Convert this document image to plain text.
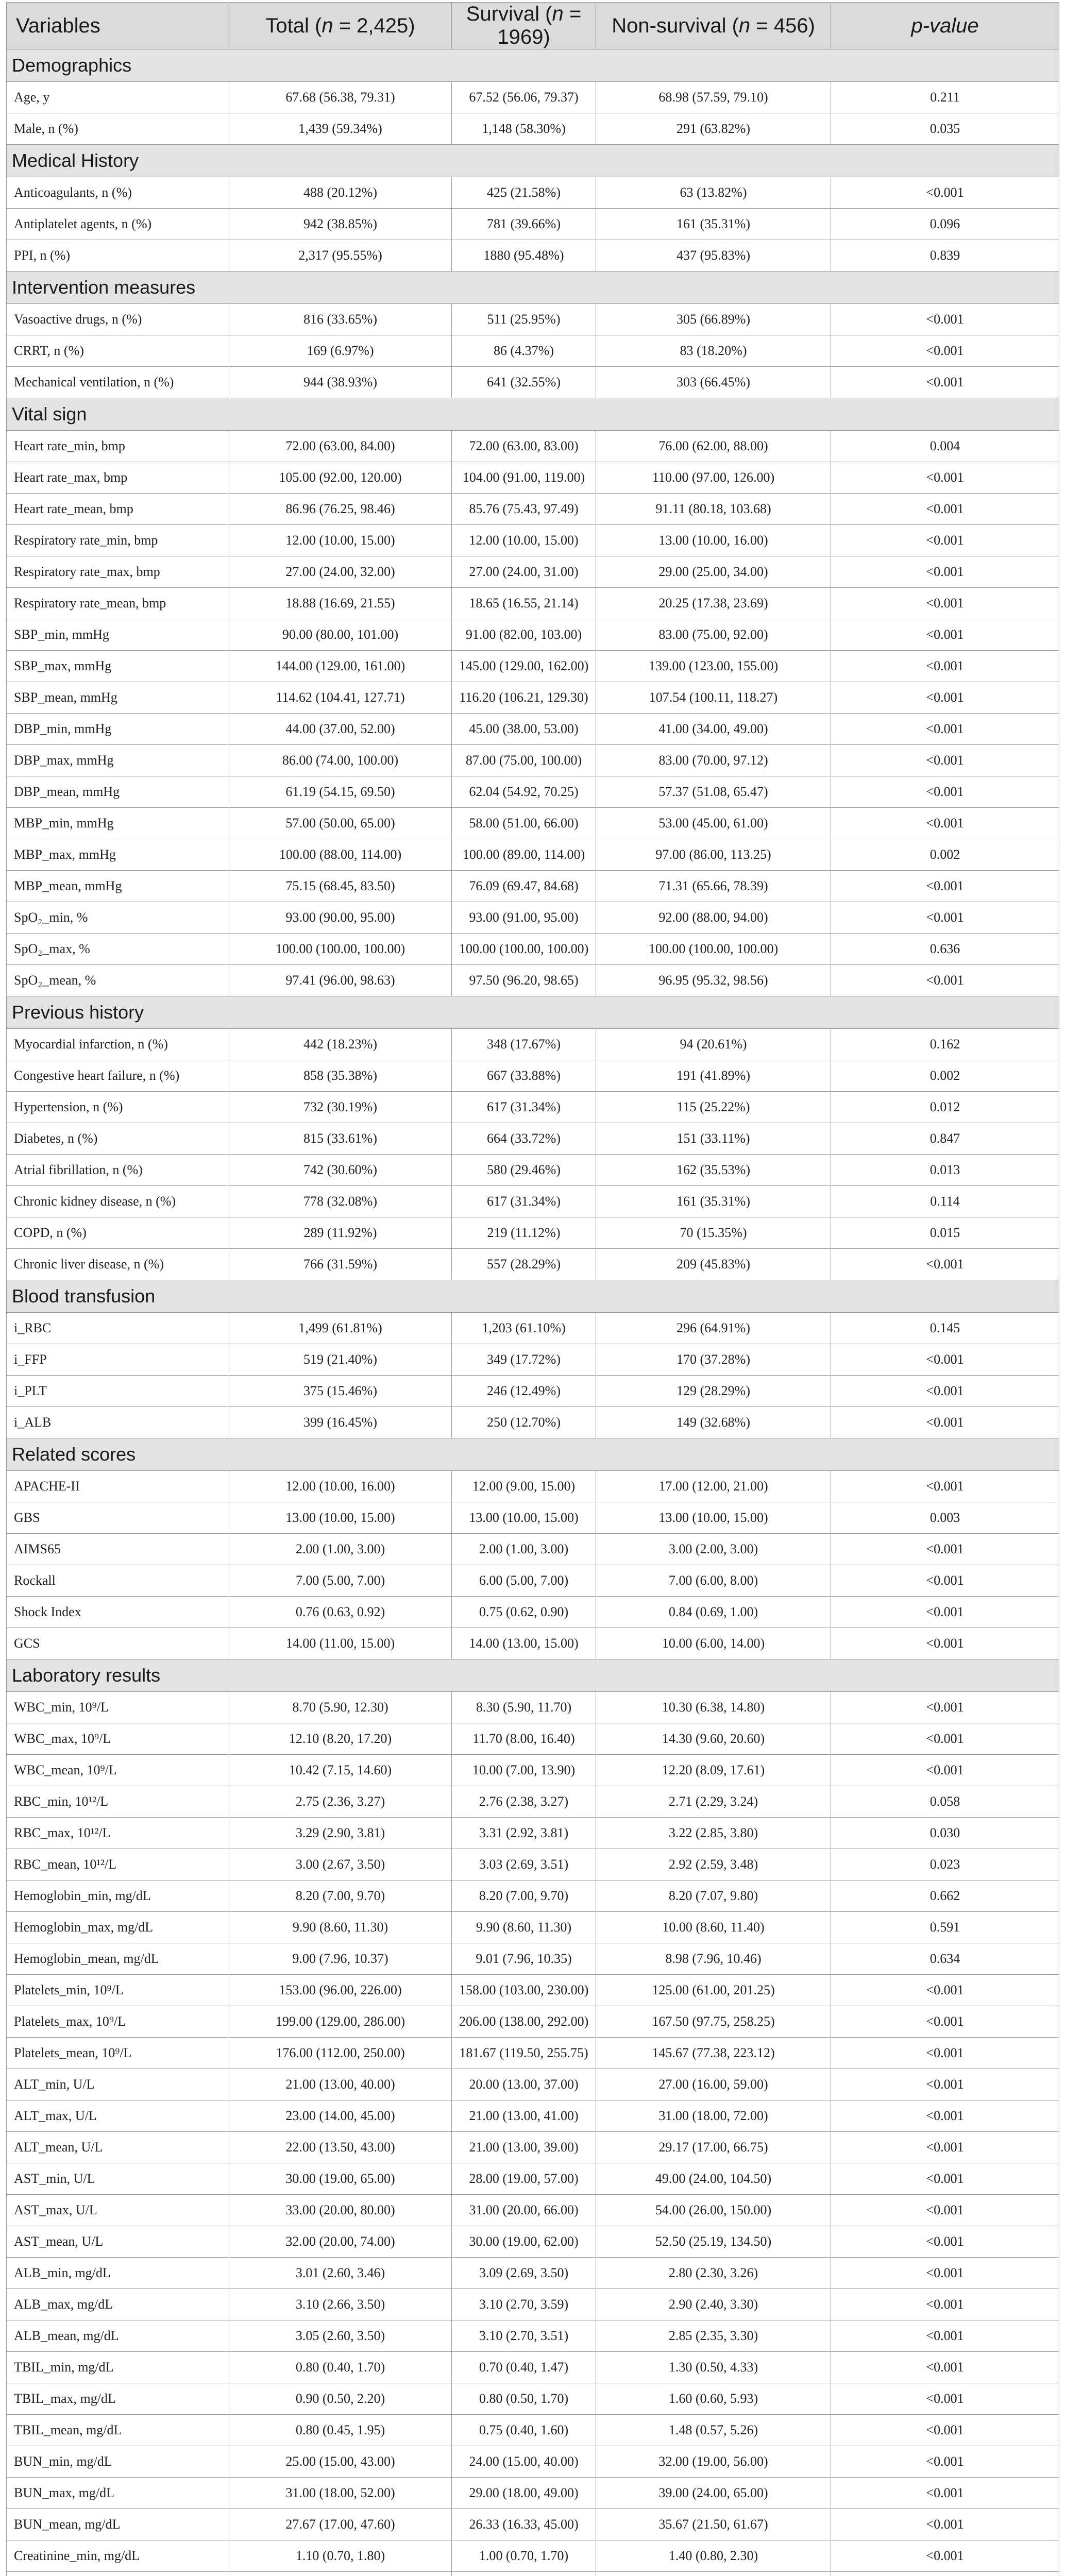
Variables	Total (n = 2,425)	Survival (n = 1969)	Non-survival (n = 456)	p-value
Demographics				
Age, y	67.68 (56.38, 79.31)	67.52 (56.06, 79.37)	68.98 (57.59, 79.10)	0.211
Male, n (%)	1,439 (59.34%)	1,148 (58.30%)	291 (63.82%)	0.035
Medical History				
Anticoagulants, n (%)	488 (20.12%)	425 (21.58%)	63 (13.82%)	<0.001
Antiplatelet agents, n (%)	942 (38.85%)	781 (39.66%)	161 (35.31%)	0.096
PPI, n (%)	2,317 (95.55%)	1880 (95.48%)	437 (95.83%)	0.839
Intervention measures				
Vasoactive drugs, n (%)	816 (33.65%)	511 (25.95%)	305 (66.89%)	<0.001
CRRT, n (%)	169 (6.97%)	86 (4.37%)	83 (18.20%)	<0.001
Mechanical ventilation, n (%)	944 (38.93%)	641 (32.55%)	303 (66.45%)	<0.001
Vital sign				
Heart rate_min, bmp	72.00 (63.00, 84.00)	72.00 (63.00, 83.00)	76.00 (62.00, 88.00)	0.004
Heart rate_max, bmp	105.00 (92.00, 120.00)	104.00 (91.00, 119.00)	110.00 (97.00, 126.00)	<0.001
Heart rate_mean, bmp	86.96 (76.25, 98.46)	85.76 (75.43, 97.49)	91.11 (80.18, 103.68)	<0.001
Respiratory rate_min, bmp	12.00 (10.00, 15.00)	12.00 (10.00, 15.00)	13.00 (10.00, 16.00)	<0.001
Respiratory rate_max, bmp	27.00 (24.00, 32.00)	27.00 (24.00, 31.00)	29.00 (25.00, 34.00)	<0.001
Respiratory rate_mean, bmp	18.88 (16.69, 21.55)	18.65 (16.55, 21.14)	20.25 (17.38, 23.69)	<0.001
SBP_min, mmHg	90.00 (80.00, 101.00)	91.00 (82.00, 103.00)	83.00 (75.00, 92.00)	<0.001
SBP_max, mmHg	144.00 (129.00, 161.00)	145.00 (129.00, 162.00)	139.00 (123.00, 155.00)	<0.001
SBP_mean, mmHg	114.62 (104.41, 127.71)	116.20 (106.21, 129.30)	107.54 (100.11, 118.27)	<0.001
DBP_min, mmHg	44.00 (37.00, 52.00)	45.00 (38.00, 53.00)	41.00 (34.00, 49.00)	<0.001
DBP_max, mmHg	86.00 (74.00, 100.00)	87.00 (75.00, 100.00)	83.00 (70.00, 97.12)	<0.001
DBP_mean, mmHg	61.19 (54.15, 69.50)	62.04 (54.92, 70.25)	57.37 (51.08, 65.47)	<0.001
MBP_min, mmHg	57.00 (50.00, 65.00)	58.00 (51.00, 66.00)	53.00 (45.00, 61.00)	<0.001
MBP_max, mmHg	100.00 (88.00, 114.00)	100.00 (89.00, 114.00)	97.00 (86.00, 113.25)	0.002
MBP_mean, mmHg	75.15 (68.45, 83.50)	76.09 (69.47, 84.68)	71.31 (65.66, 78.39)	<0.001
SpO₂_min, %	93.00 (90.00, 95.00)	93.00 (91.00, 95.00)	92.00 (88.00, 94.00)	<0.001
SpO₂_max, %	100.00 (100.00, 100.00)	100.00 (100.00, 100.00)	100.00 (100.00, 100.00)	0.636
SpO₂_mean, %	97.41 (96.00, 98.63)	97.50 (96.20, 98.65)	96.95 (95.32, 98.56)	<0.001
Previous history				
Myocardial infarction, n (%)	442 (18.23%)	348 (17.67%)	94 (20.61%)	0.162
Congestive heart failure, n (%)	858 (35.38%)	667 (33.88%)	191 (41.89%)	0.002
Hypertension, n (%)	732 (30.19%)	617 (31.34%)	115 (25.22%)	0.012
Diabetes, n (%)	815 (33.61%)	664 (33.72%)	151 (33.11%)	0.847
Atrial fibrillation, n (%)	742 (30.60%)	580 (29.46%)	162 (35.53%)	0.013
Chronic kidney disease, n (%)	778 (32.08%)	617 (31.34%)	161 (35.31%)	0.114
COPD, n (%)	289 (11.92%)	219 (11.12%)	70 (15.35%)	0.015
Chronic liver disease, n (%)	766 (31.59%)	557 (28.29%)	209 (45.83%)	<0.001
Blood transfusion				
i_RBC	1,499 (61.81%)	1,203 (61.10%)	296 (64.91%)	0.145
i_FFP	519 (21.40%)	349 (17.72%)	170 (37.28%)	<0.001
i_PLT	375 (15.46%)	246 (12.49%)	129 (28.29%)	<0.001
i_ALB	399 (16.45%)	250 (12.70%)	149 (32.68%)	<0.001
Related scores				
APACHE-II	12.00 (10.00, 16.00)	12.00 (9.00, 15.00)	17.00 (12.00, 21.00)	<0.001
GBS	13.00 (10.00, 15.00)	13.00 (10.00, 15.00)	13.00 (10.00, 15.00)	0.003
AIMS65	2.00 (1.00, 3.00)	2.00 (1.00, 3.00)	3.00 (2.00, 3.00)	<0.001
Rockall	7.00 (5.00, 7.00)	6.00 (5.00, 7.00)	7.00 (6.00, 8.00)	<0.001
Shock Index	0.76 (0.63, 0.92)	0.75 (0.62, 0.90)	0.84 (0.69, 1.00)	<0.001
GCS	14.00 (11.00, 15.00)	14.00 (13.00, 15.00)	10.00 (6.00, 14.00)	<0.001
Laboratory results				
WBC_min, 10⁹/L	8.70 (5.90, 12.30)	8.30 (5.90, 11.70)	10.30 (6.38, 14.80)	<0.001
WBC_max, 10⁹/L	12.10 (8.20, 17.20)	11.70 (8.00, 16.40)	14.30 (9.60, 20.60)	<0.001
WBC_mean, 10⁹/L	10.42 (7.15, 14.60)	10.00 (7.00, 13.90)	12.20 (8.09, 17.61)	<0.001
RBC_min, 10¹²/L	2.75 (2.36, 3.27)	2.76 (2.38, 3.27)	2.71 (2.29, 3.24)	0.058
RBC_max, 10¹²/L	3.29 (2.90, 3.81)	3.31 (2.92, 3.81)	3.22 (2.85, 3.80)	0.030
RBC_mean, 10¹²/L	3.00 (2.67, 3.50)	3.03 (2.69, 3.51)	2.92 (2.59, 3.48)	0.023
Hemoglobin_min, mg/dL	8.20 (7.00, 9.70)	8.20 (7.00, 9.70)	8.20 (7.07, 9.80)	0.662
Hemoglobin_max, mg/dL	9.90 (8.60, 11.30)	9.90 (8.60, 11.30)	10.00 (8.60, 11.40)	0.591
Hemoglobin_mean, mg/dL	9.00 (7.96, 10.37)	9.01 (7.96, 10.35)	8.98 (7.96, 10.46)	0.634
Platelets_min, 10⁹/L	153.00 (96.00, 226.00)	158.00 (103.00, 230.00)	125.00 (61.00, 201.25)	<0.001
Platelets_max, 10⁹/L	199.00 (129.00, 286.00)	206.00 (138.00, 292.00)	167.50 (97.75, 258.25)	<0.001
Platelets_mean, 10⁹/L	176.00 (112.00, 250.00)	181.67 (119.50, 255.75)	145.67 (77.38, 223.12)	<0.001
ALT_min, U/L	21.00 (13.00, 40.00)	20.00 (13.00, 37.00)	27.00 (16.00, 59.00)	<0.001
ALT_max, U/L	23.00 (14.00, 45.00)	21.00 (13.00, 41.00)	31.00 (18.00, 72.00)	<0.001
ALT_mean, U/L	22.00 (13.50, 43.00)	21.00 (13.00, 39.00)	29.17 (17.00, 66.75)	<0.001
AST_min, U/L	30.00 (19.00, 65.00)	28.00 (19.00, 57.00)	49.00 (24.00, 104.50)	<0.001
AST_max, U/L	33.00 (20.00, 80.00)	31.00 (20.00, 66.00)	54.00 (26.00, 150.00)	<0.001
AST_mean, U/L	32.00 (20.00, 74.00)	30.00 (19.00, 62.00)	52.50 (25.19, 134.50)	<0.001
ALB_min, mg/dL	3.01 (2.60, 3.46)	3.09 (2.69, 3.50)	2.80 (2.30, 3.26)	<0.001
ALB_max, mg/dL	3.10 (2.66, 3.50)	3.10 (2.70, 3.59)	2.90 (2.40, 3.30)	<0.001
ALB_mean, mg/dL	3.05 (2.60, 3.50)	3.10 (2.70, 3.51)	2.85 (2.35, 3.30)	<0.001
TBIL_min, mg/dL	0.80 (0.40, 1.70)	0.70 (0.40, 1.47)	1.30 (0.50, 4.33)	<0.001
TBIL_max, mg/dL	0.90 (0.50, 2.20)	0.80 (0.50, 1.70)	1.60 (0.60, 5.93)	<0.001
TBIL_mean, mg/dL	0.80 (0.45, 1.95)	0.75 (0.40, 1.60)	1.48 (0.57, 5.26)	<0.001
BUN_min, mg/dL	25.00 (15.00, 43.00)	24.00 (15.00, 40.00)	32.00 (19.00, 56.00)	<0.001
BUN_max, mg/dL	31.00 (18.00, 52.00)	29.00 (18.00, 49.00)	39.00 (24.00, 65.00)	<0.001
BUN_mean, mg/dL	27.67 (17.00, 47.60)	26.33 (16.33, 45.00)	35.67 (21.50, 61.67)	<0.001
Creatinine_min, mg/dL	1.10 (0.70, 1.80)	1.00 (0.70, 1.70)	1.40 (0.80, 2.30)	<0.001
